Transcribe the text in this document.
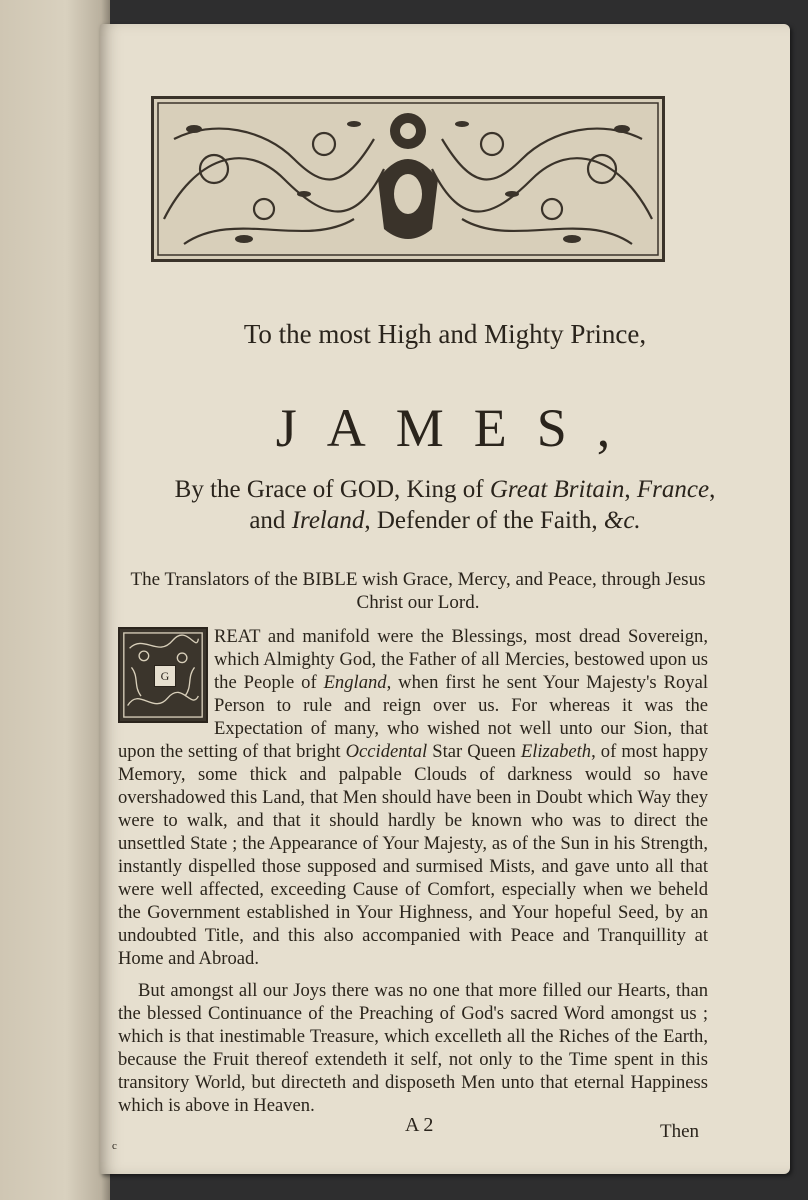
To the most High and Mighty Prince,
JAMES,
By the Grace of GOD, King of Great Britain, France,
and Ireland, Defender of the Faith, &c.
The Translators of the BIBLE wish Grace, Mercy, and Peace, through Jesus Christ our Lord.
G
REAT and manifold were the Blessings, most dread Sovereign, which Almighty God, the Father of all Mercies, bestowed upon us the People of England, when first he sent Your Majesty's Royal Person to rule and reign over us. For whereas it was the Expectation of many, who wished not well unto our Sion, that upon the setting of that bright Occidental Star Queen Elizabeth, of most happy Memory, some thick and palpable Clouds of darkness would so have overshadowed this Land, that Men should have been in Doubt which Way they were to walk, and that it should hardly be known who was to direct the unsettled State ; the Appearance of Your Majesty, as of the Sun in his Strength, instantly dispelled those supposed and surmised Mists, and gave unto all that were well affected, exceeding Cause of Comfort, especially when we beheld the Government established in Your Highness, and Your hopeful Seed, by an undoubted Title, and this also accompanied with Peace and Tranquillity at Home and Abroad.
But amongst all our Joys there was no one that more filled our Hearts, than the blessed Continuance of the Preaching of God's sacred Word amongst us ; which is that inestimable Treasure, which excelleth all the Riches of the Earth, because the Fruit thereof extendeth it self, not only to the Time spent in this transitory World, but directeth and disposeth Men unto that eternal Happiness which is above in Heaven.
A 2	Then
c
